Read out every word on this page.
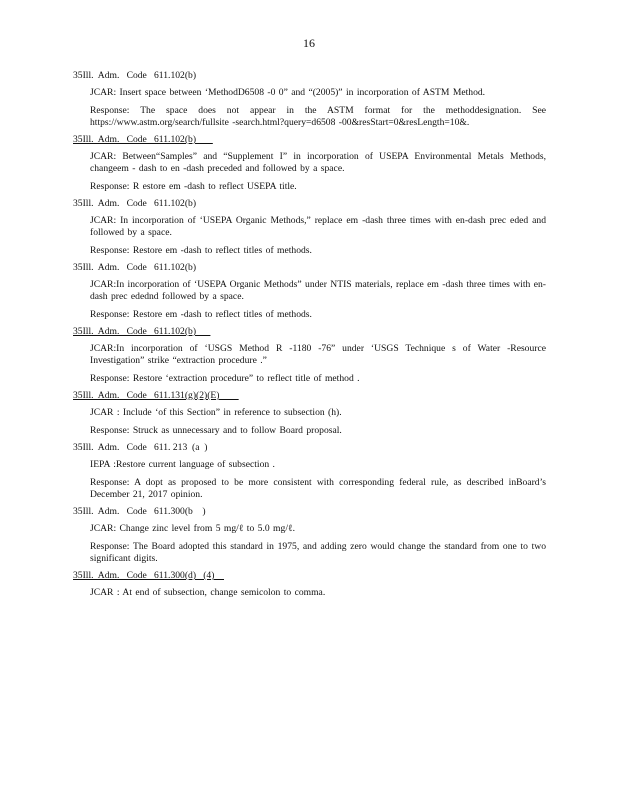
16
35Ill.  Adm.   Code   611.102(b)
JCAR: Insert space between ‘MethodD6508 -0 0” and “(2005)” in incorporation of ASTM Method.
Response: The space does not appear in the ASTM format for the methoddesignation. See https://www.astm.org/search/fullsite -search.html?query=d6508 -00&resStart=0&resLength=10&.
35Ill.  Adm.   Code   611.102(b)
JCAR: Between“Samples” and “Supplement I” in incorporation of USEPA Environmental Metals Methods, changeem - dash to en -dash preceded and followed by a space.
Response: R estore em -dash to reflect USEPA title.
35Ill.  Adm.   Code   611.102(b)
JCAR: In incorporation of ‘USEPA Organic Methods,” replace em -dash three times with en-dash prec eded and followed by a space.
Response: Restore em -dash to reflect titles of methods.
35Ill.  Adm.   Code   611.102(b)
JCAR:In incorporation of ‘USEPA Organic Methods” under NTIS materials, replace em -dash three times with en-dash prec edednd followed by a space.
Response: Restore em -dash to reflect titles of methods.
35Ill.  Adm.   Code   611.102(b)
JCAR:In incorporation of ‘USGS Method R -1180 -76” under ‘USGS Technique s of Water -Resource Investigation” strike “extraction procedure .”
Response: Restore ‘extraction procedure” to reflect title of method .
35Ill.  Adm.   Code   611.131(g)(2)(E)
JCAR : Include ‘of this Section” in reference to subsection (h).
Response: Struck as unnecessary and to follow Board proposal.
35Ill.  Adm.   Code   611. 213  (a  )
IEPA :Restore current language of subsection .
Response: A dopt as proposed to be more consistent with corresponding federal rule, as described inBoard’s December 21, 2017 opinion.
35Ill.  Adm.   Code   611.300(b    )
JCAR: Change zinc level from 5 mg/ℓ to 5.0 mg/ℓ.
Response: The Board adopted this standard in 1975, and adding zero would change the standard from one to two significant digits.
35Ill.  Adm.   Code   611.300(d)   (4)
JCAR : At end of subsection, change semicolon to comma.
